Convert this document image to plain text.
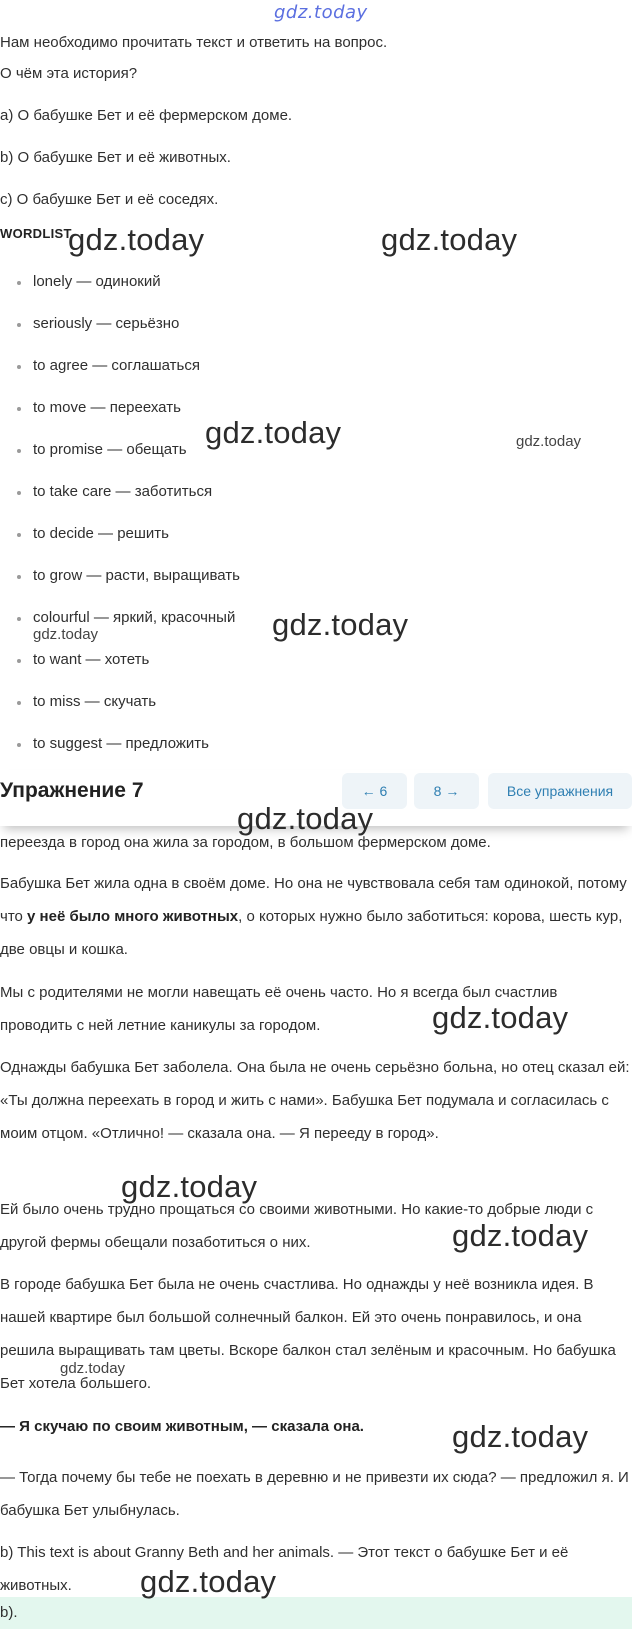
gdz.today
Нам необходимо прочитать текст и ответить на вопрос.
О чём эта история?
a) О бабушке Бет и её фермерском доме.
b) О бабушке Бет и её животных.
c) О бабушке Бет и её соседях.
WORDLIST
lonely — одинокий
seriously — серьёзно
to agree — соглашаться
to move — переехать
to promise — обещать
to take care — заботиться
to decide — решить
to grow — расти, выращивать
colourful — яркий, красочный
to want — хотеть
to miss — скучать
to suggest — предложить
Упражнение 7	← 6	8 →	Все упражнения
переезда в город она жила за городом, в большом фермерском доме.
Бабушка Бет жила одна в своём доме. Но она не чувствовала себя там одинокой, потому что у неё было много животных, о которых нужно было заботиться: корова, шесть кур, две овцы и кошка.
Мы с родителями не могли навещать её очень часто. Но я всегда был счастлив проводить с ней летние каникулы за городом.
Однажды бабушка Бет заболела. Она была не очень серьёзно больна, но отец сказал ей: «Ты должна переехать в город и жить с нами». Бабушка Бет подумала и согласилась с моим отцом. «Отлично! — сказала она. — Я перееду в город».
Ей было очень трудно прощаться со своими животными. Но какие-то добрые люди с другой фермы обещали позаботиться о них.
В городе бабушка Бет была не очень счастлива. Но однажды у неё возникла идея. В нашей квартире был большой солнечный балкон. Ей это очень понравилось, и она решила выращивать там цветы. Вскоре балкон стал зелёным и красочным. Но бабушка Бет хотела большего.
— Я скучаю по своим животным, — сказала она.
— Тогда почему бы тебе не поехать в деревню и не привезти их сюда? — предложил я. И бабушка Бет улыбнулась.
b) This text is about Granny Beth and her animals. — Этот текст о бабушке Бет и её животных.
b).
gdz.today	gdz.today
gdz.today	gdz.today
gdz.today
gdz.today
gdz.today
gdz.today
gdz.today
gdz.today
gdz.today
gdz.today
gdz.today
